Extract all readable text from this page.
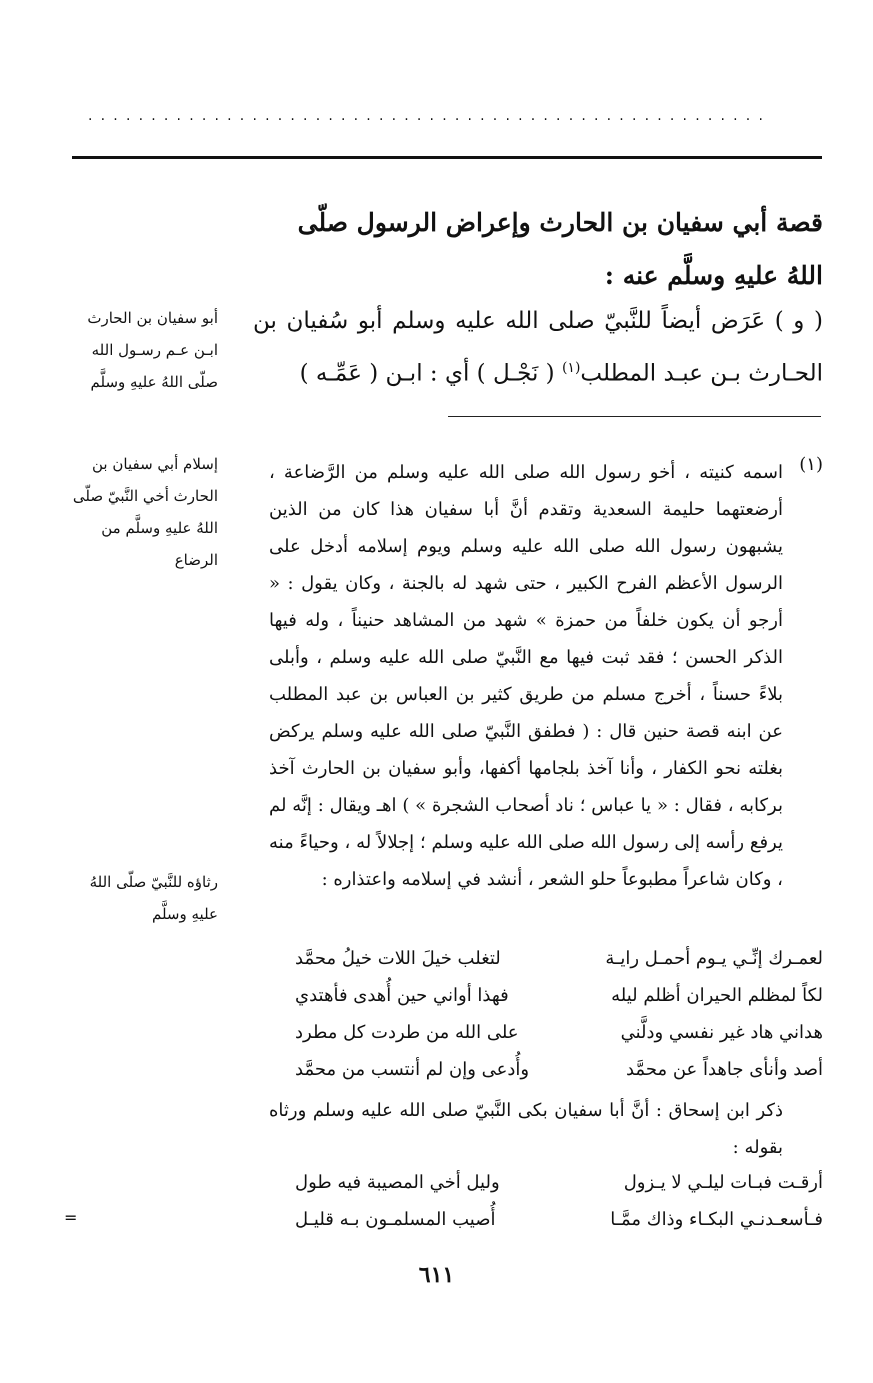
......................................................
قصة أبي سفيان بن الحارث وإعراض الرسول صلّى اللهُ عليهِ وسلَّم عنه :
( و ) عَرَض أيضاً للنَّبيّ صلى الله عليه وسلم أبو سُفيان بن الحـارث بـن عبـد المطلب$^{(١)}$ ( نَجْـل ) أي : ابـن ( عَمِّـه )
أبو سفيان بن الحارث ابـن عـم رسـول الله صلّى اللهُ عليهِ وسلَّم
(١)
اسمه كنيته ، أخو رسول الله صلى الله عليه وسلم من الرَّضاعة ، أرضعتهما حليمة السعدية وتقدم أنَّ أبا سفيان هذا كان من الذين يشبهون رسول الله صلى الله عليه وسلم ويوم إسلامه أدخل على الرسول الأعظم الفرح الكبير ، حتى شهد له بالجنة ، وكان يقول : « أرجو أن يكون خلفاً من حمزة » شهد من المشاهد حنيناً ، وله فيها الذكر الحسن ؛ فقد ثبت فيها مع النَّبيّ صلى الله عليه وسلم ، وأبلى بلاءً حسناً ، أخرج مسلم من طريق كثير بن العباس بن عبد المطلب عن ابنه قصة حنين قال : ( فطفق النَّبيّ صلى الله عليه وسلم يركض بغلته نحو الكفار ، وأنا آخذ بلجامها أكفها، وأبو سفيان بن الحارث آخذ بركابه ، فقال : « يا عباس ؛ ناد أصحاب الشجرة » ) اهـ ويقال : إنَّه لم يرفع رأسه إلى رسول الله صلى الله عليه وسلم ؛ إجلالاً له ، وحياءً منه ، وكان شاعراً مطبوعاً حلو الشعر ، أنشد في إسلامه واعتذاره :
إسلام أبي سفيان بن الحارث أخي النَّبيّ صلّى اللهُ عليهِ وسلَّم من الرضاع
رثاؤه للنَّبيّ صلّى اللهُ عليهِ وسلَّم
لعمـرك إنِّـي يـوم أحمـل رايـة
لتغلب خيلَ اللات خيلُ محمَّد
لكاً لمظلم الحيران أظلم ليله
فهذا أواني حين أُهدى فأهتدي
هداني هاد غير نفسي ودلَّني
على الله من طردت كل مطرد
أصد وأنأى جاهداً عن محمَّد
وأُدعى وإن لم أنتسب من محمَّد
ذكر ابن إسحاق : أنَّ أبا سفيان بكى النَّبيّ صلى الله عليه وسلم ورثاه بقوله :
أرقـت فبـات ليلـي لا يـزول
وليل أخي المصيبة فيه طول
فـأسعـدنـي البكـاء وذاك ممَّـا
أُصيب المسلمـون بـه قليـل
=
٦١١
